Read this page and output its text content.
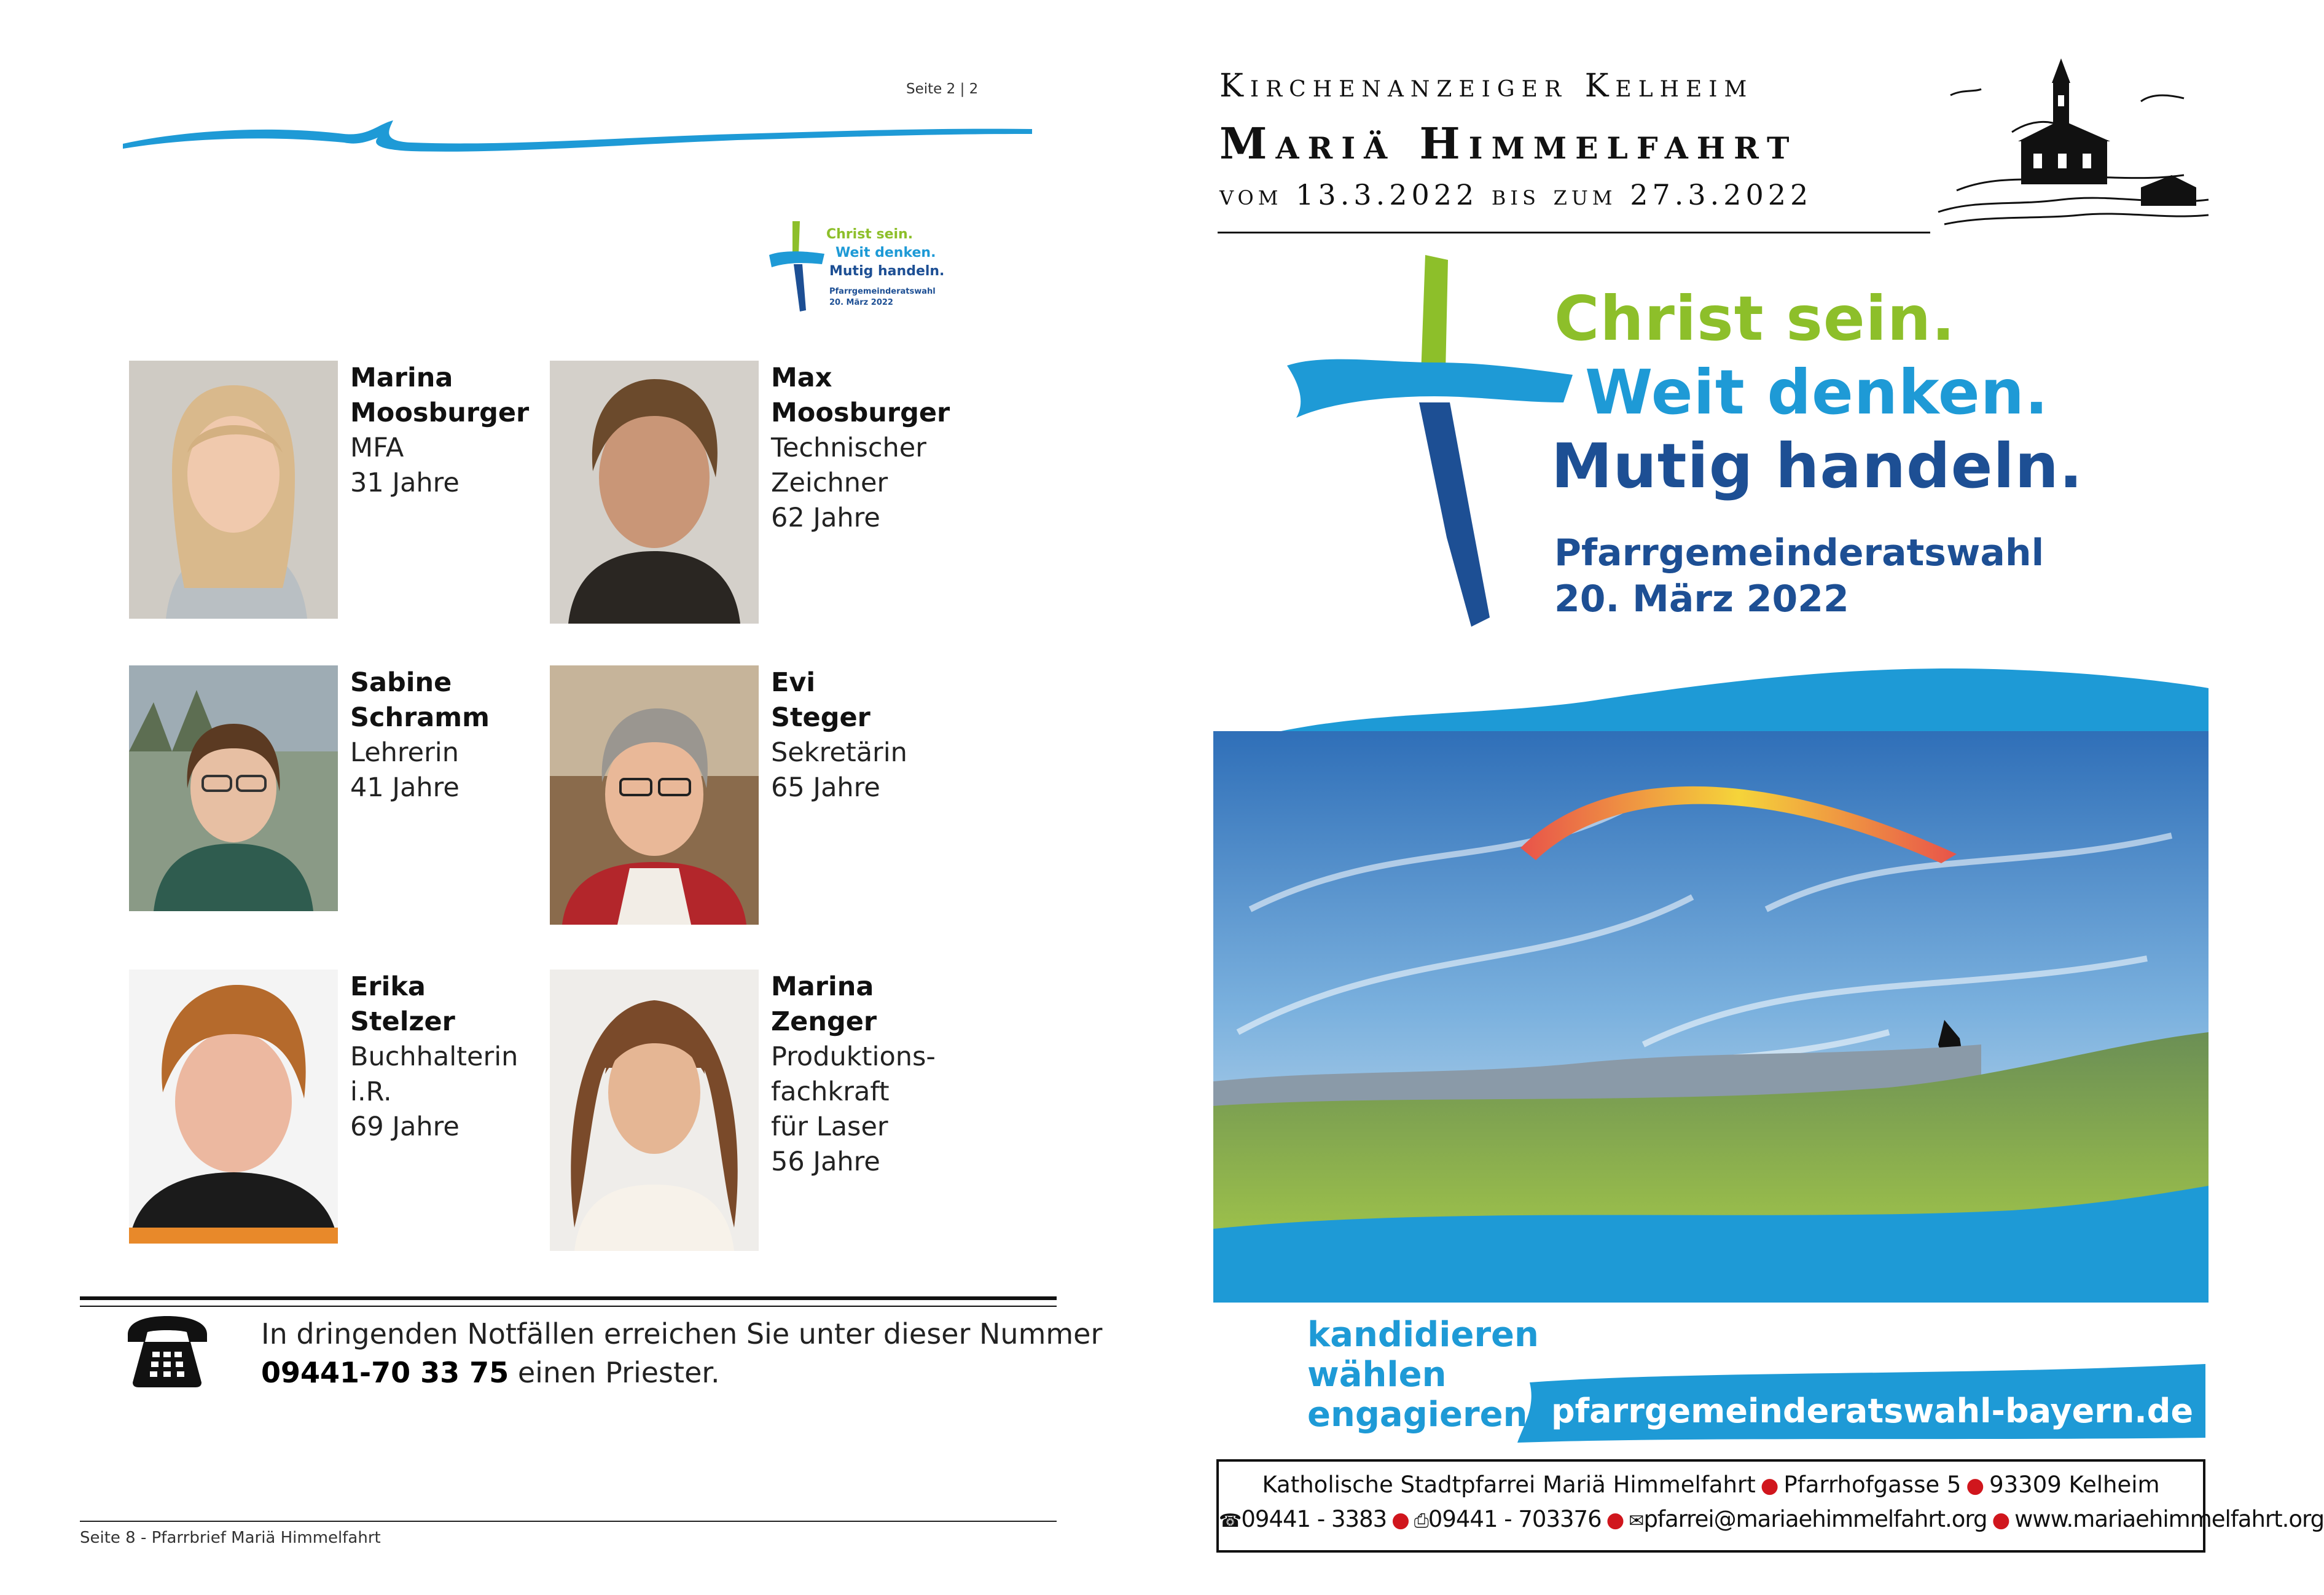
Seite 2 | 2
Christ sein.
Weit denken.
Mutig handeln.
Pfarrgemeinderatswahl
20. März 2022
Marina
Moosburger
MFA
31 Jahre
Max
Moosburger
Technischer
Zeichner
62 Jahre
Sabine
Schramm
Lehrerin
41 Jahre
Evi
Steger
Sekretärin
65 Jahre
Erika
Stelzer
Buchhalterin i.R.
69 Jahre
Marina
Zenger
Produktions-
fachkraft
für Laser
56 Jahre
In dringenden Notfällen erreichen Sie unter dieser Nummer
09441-70 33 75 einen Priester.
Seite 8 - Pfarrbrief Mariä Himmelfahrt
Kirchenanzeiger Kelheim
Mariä Himmelfahrt
vom 13.3.2022 bis zum 27.3.2022
Christ sein.
Weit denken.
Mutig handeln.
Pfarrgemeinderatswahl
20. März 2022
kandidieren
wählen
engagieren pfarrgemeinderatswahl-bayern.de
Katholische Stadtpfarrei Mariä Himmelfahrt ● Pfarrhofgasse 5 ● 93309 Kelheim
☎09441 - 3383 ● ⎙09441 - 703376 ● ✉pfarrei@mariaehimmelfahrt.org ● www.mariaehimmelfahrt.org
